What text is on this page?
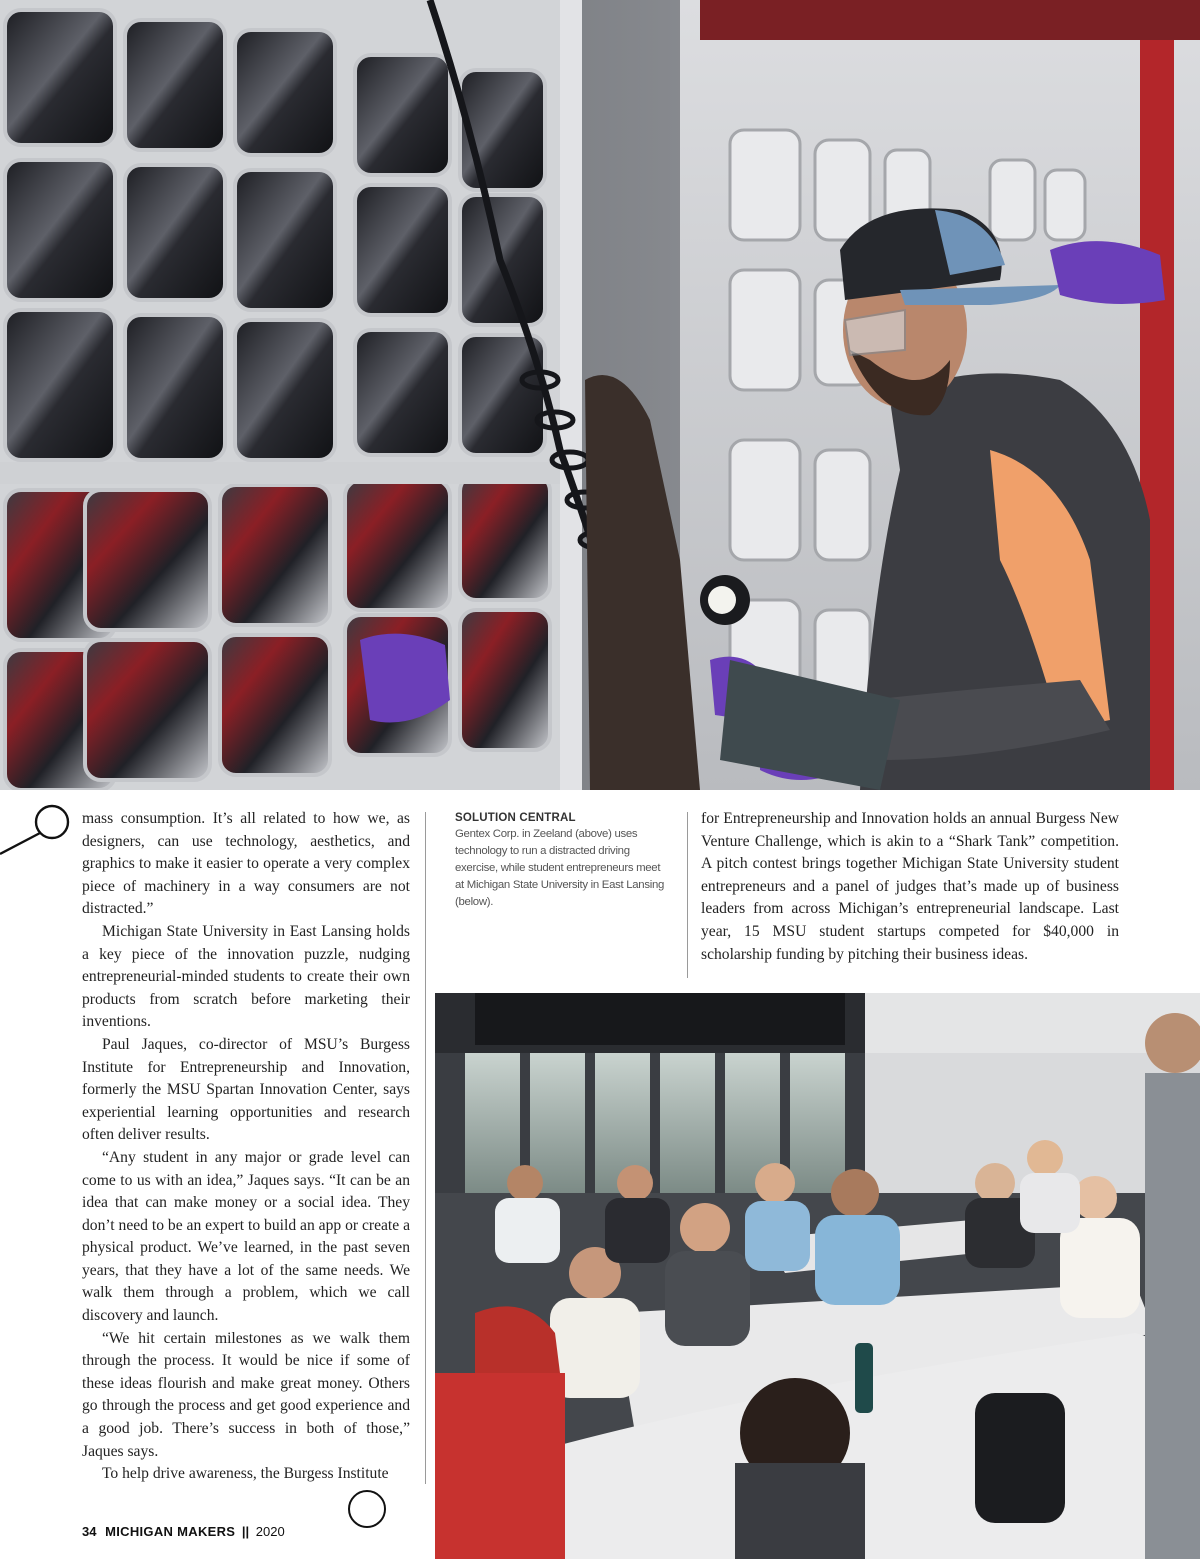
mass consumption. It’s all related to how we, as designers, can use technology, aesthetics, and graphics to make it easier to operate a very complex piece of machinery in a way consumers are not distracted.”

Michigan State University in East Lansing holds a key piece of the innovation puzzle, nudging entrepreneurial-minded students to create their own products from scratch before marketing their inventions.

Paul Jaques, co-director of MSU’s Burgess Institute for Entrepreneurship and Innovation, formerly the MSU Spartan Innovation Center, says experiential learning opportunities and research often deliver results.

“Any student in any major or grade level can come to us with an idea,” Jaques says. “It can be an idea that can make money or a social idea. They don’t need to be an expert to build an app or create a physical product. We’ve learned, in the past seven years, that they have a lot of the same needs. We walk them through a problem, which we call discovery and launch.

“We hit certain milestones as we walk them through the process. It would be nice if some of these ideas flourish and make great money. Others go through the process and get good experience and a good job. There’s success in both of those,” Jaques says.

To help drive awareness, the Burgess Institute

SOLUTION CENTRAL
Gentex Corp. in Zeeland (above) uses technology to run a distracted driving exercise, while student entrepreneurs meet at Michigan State University in East Lansing (below).

for Entrepreneurship and Innovation holds an annual Burgess New Venture Challenge, which is akin to a “Shark Tank” competition. A pitch contest brings together Michigan State University student entrepreneurs and a panel of judges that’s made up of business leaders from across Michigan’s entrepreneurial landscape. Last year, 15 MSU student startups competed for $40,000 in scholarship funding by pitching their business ideas.

34 MICHIGAN MAKERS || 2020
